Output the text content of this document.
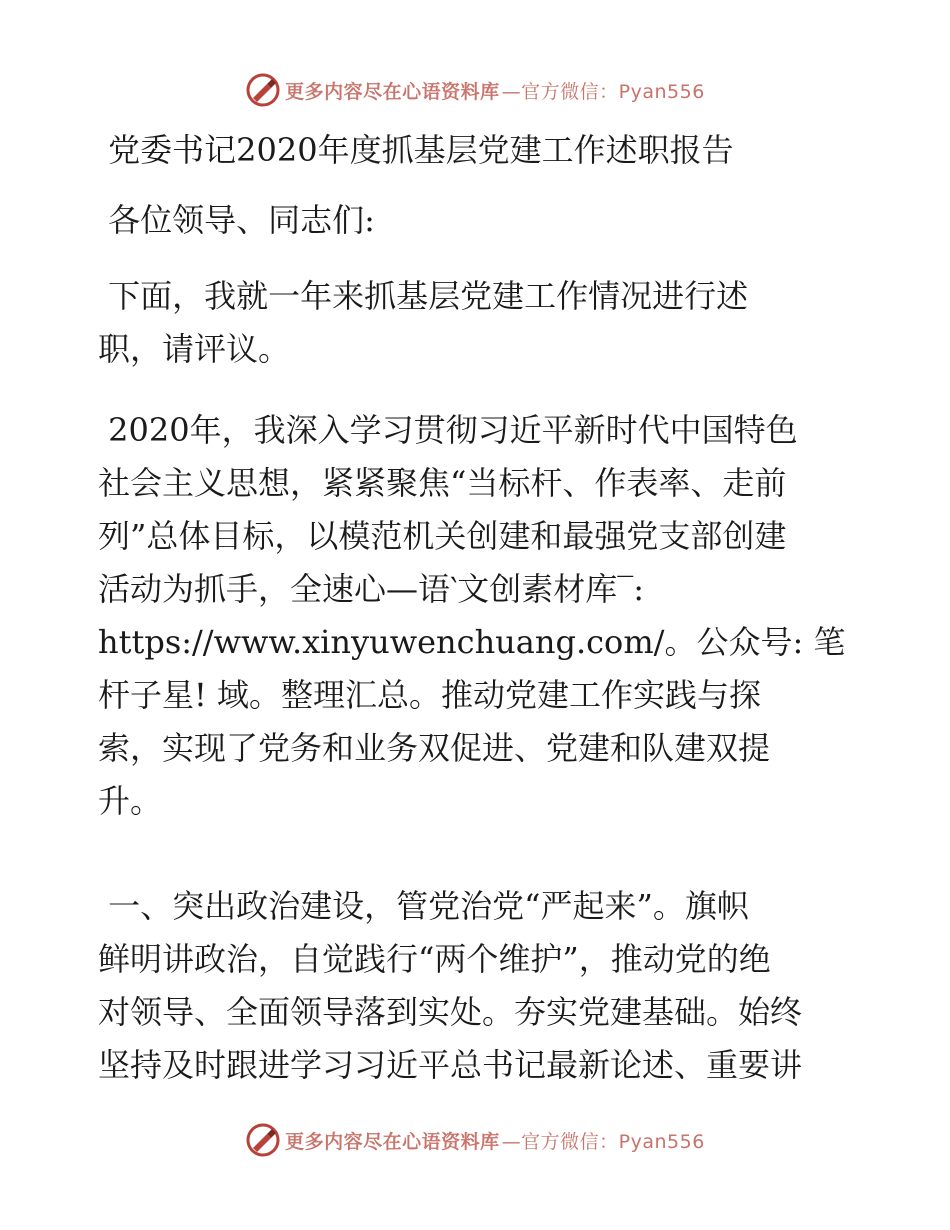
更多内容尽在心语资料库 —官方微信：Pyan556
党委书记2020年度抓基层党建工作述职报告
各位领导、同志们:
下面，我就一年来抓基层党建工作情况进行述
职，请评议。
2020年，我深入学习贯彻习近平新时代中国特色
社会主义思想，紧紧聚焦“当标杆、作表率、走前
列”总体目标，以模范机关创建和最强党支部创建
活动为抓手，全速心—语‵文创素材库‾:
https://www.xinyuwenchuang.com/。公众号: 笔
杆子星! 域。整理汇总。推动党建工作实践与探
索，实现了党务和业务双促进、党建和队建双提
升。
一、突出政治建设，管党治党“严起来”。旗帜
鲜明讲政治，自觉践行“两个维护”，推动党的绝
对领导、全面领导落到实处。夯实党建基础。始终
坚持及时跟进学习习近平总书记最新论述、重要讲
更多内容尽在心语资料库 —官方微信：Pyan556
